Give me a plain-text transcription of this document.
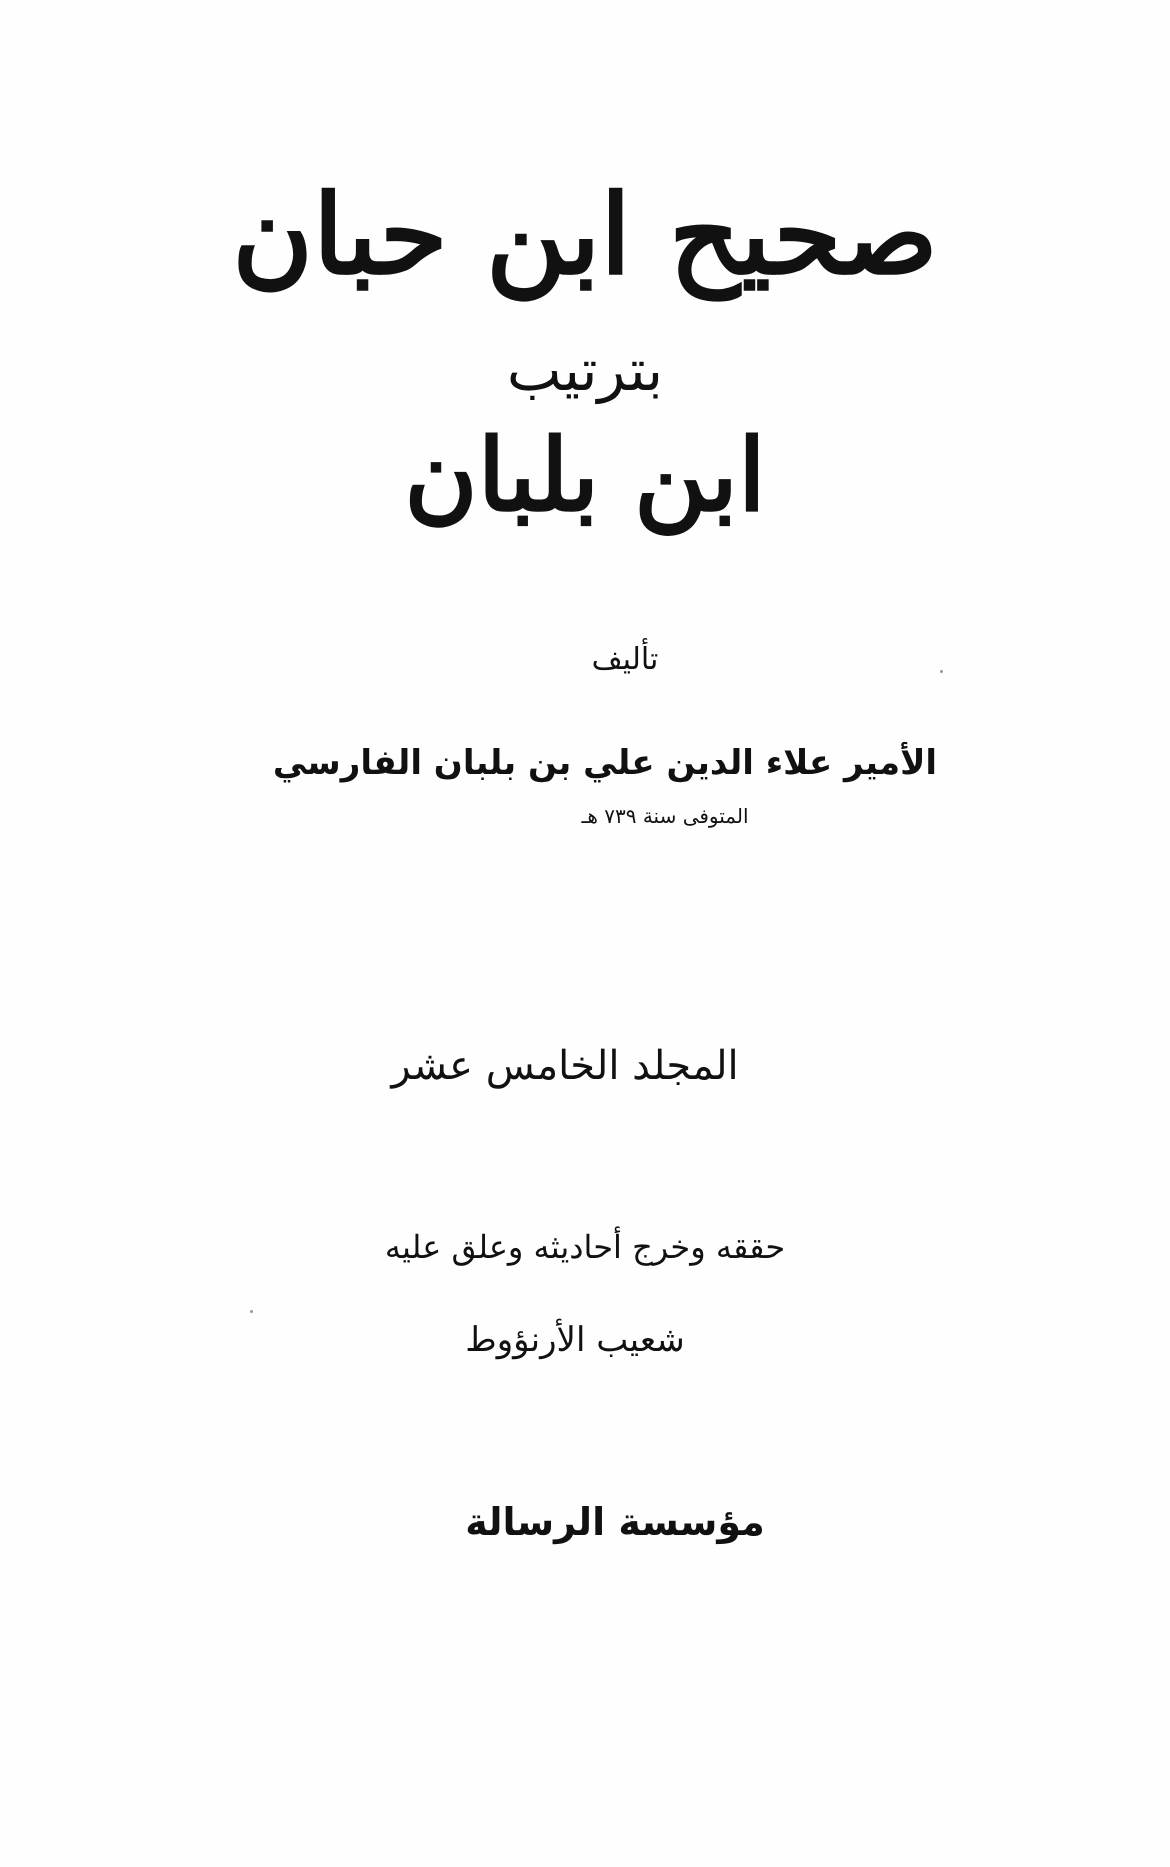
صحيح ابن حبان
بترتيب
ابن بلبان
تأليف
الأمير علاء الدين علي بن بلبان الفارسي
المتوفى سنة ٧٣٩ هـ
المجلد الخامس عشر
حققه وخرج أحاديثه وعلق عليه
شعيب الأرنؤوط
مؤسسة الرسالة
